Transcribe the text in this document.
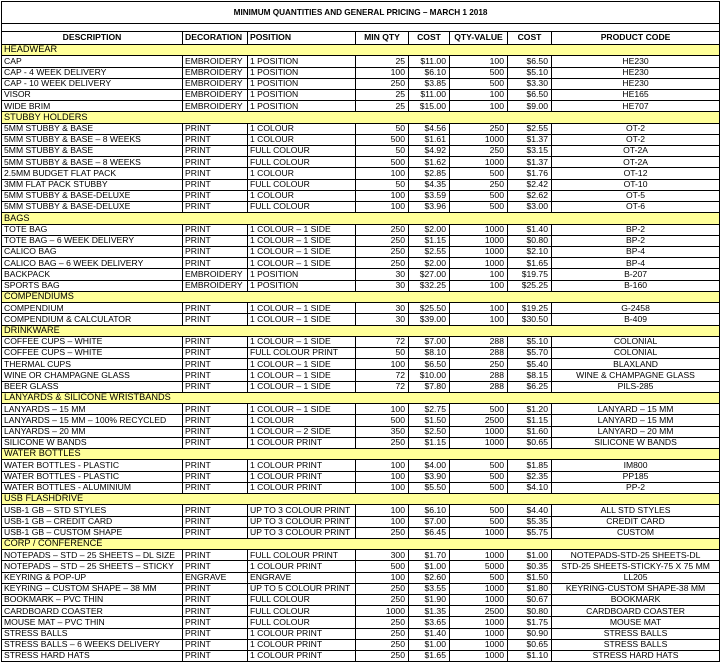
MINIMUM QUANTITIES AND GENERAL PRICING – MARCH 1 2018							

DESCRIPTION	DECORATION	POSITION	MIN QTY	COST	QTY-VALUE	COST	PRODUCT CODE
HEADWEAR							
CAP	EMBROIDERY	1 POSITION	25	$11.00	100	$6.50	HE230
CAP - 4 WEEK DELIVERY	EMBROIDERY	1 POSITION	100	$6.10	500	$5.10	HE230
CAP - 10 WEEK DELIVERY	EMBROIDERY	1 POSITION	250	$3.85	500	$3.30	HE230
VISOR	EMBROIDERY	1 POSITION	25	$11.00	100	$6.50	HE165
WIDE BRIM	EMBROIDERY	1 POSITION	25	$15.00	100	$9.00	HE707
STUBBY HOLDERS							
5MM STUBBY & BASE	PRINT	1 COLOUR	50	$4.56	250	$2.55	OT-2
5MM STUBBY & BASE – 8 WEEKS	PRINT	1 COLOUR	500	$1.61	1000	$1.37	OT-2
5MM STUBBY & BASE	PRINT	FULL COLOUR	50	$4.92	250	$3.15	OT-2A
5MM STUBBY & BASE – 8 WEEKS	PRINT	FULL COLOUR	500	$1.62	1000	$1.37	OT-2A
2.5MM BUDGET FLAT PACK	PRINT	1 COLOUR	100	$2.85	500	$1.76	OT-12
3MM FLAT PACK STUBBY	PRINT	FULL COLOUR	50	$4.35	250	$2.42	OT-10
5MM STUBBY & BASE-DELUXE	PRINT	1 COLOUR	100	$3.59	500	$2.62	OT-5
5MM STUBBY & BASE-DELUXE	PRINT	FULL COLOUR	100	$3.96	500	$3.00	OT-6
BAGS							
TOTE BAG	PRINT	1 COLOUR – 1 SIDE	250	$2.00	1000	$1.40	BP-2
TOTE BAG – 6 WEEK DELIVERY	PRINT	1 COLOUR – 1 SIDE	250	$1.15	1000	$0.80	BP-2
CALICO BAG	PRINT	1 COLOUR – 1 SIDE	250	$2.55	1000	$2.10	BP-4
CALICO BAG – 6 WEEK DELIVERY	PRINT	1 COLOUR – 1 SIDE	250	$2.00	1000	$1.65	BP-4
BACKPACK	EMBROIDERY	1 POSITION	30	$27.00	100	$19.75	B-207
SPORTS BAG	EMBROIDERY	1 POSITION	30	$32.25	100	$25.25	B-160
COMPENDIUMS							
COMPENDIUM	PRINT	1 COLOUR – 1 SIDE	30	$25.50	100	$19.25	G-2458
COMPENDIUM & CALCULATOR	PRINT	1 COLOUR – 1 SIDE	30	$39.00	100	$30.50	B-409
DRINKWARE							
COFFEE CUPS – WHITE	PRINT	1 COLOUR – 1 SIDE	72	$7.00	288	$5.10	COLONIAL
COFFEE CUPS – WHITE	PRINT	FULL COLOUR PRINT	50	$8.10	288	$5.70	COLONIAL
THERMAL CUPS	PRINT	1 COLOUR – 1 SIDE	100	$6.50	250	$5.40	BLAXLAND
WINE OR CHAMPAGNE GLASS	PRINT	1 COLOUR – 1 SIDE	72	$10.00	288	$8.15	WINE & CHAMPAGNE GLASS
BEER GLASS	PRINT	1 COLOUR – 1 SIDE	72	$7.80	288	$6.25	PILS-285
LANYARDS & SILICONE WRISTBANDS							
LANYARDS – 15 MM	PRINT	1 COLOUR – 1 SIDE	100	$2.75	500	$1.20	LANYARD – 15 MM
LANYARDS – 15 MM – 100% RECYCLED	PRINT	1 COLOUR	500	$1.50	2500	$1.15	LANYARD – 15 MM
LANYARDS – 20 MM	PRINT	1 COLOUR – 2 SIDE	350	$2.50	1000	$1.60	LANYARD – 20 MM
SILICONE W BANDS	PRINT	1 COLOUR PRINT	250	$1.15	1000	$0.65	SILICONE W BANDS
WATER BOTTLES							
WATER BOTTLES - PLASTIC	PRINT	1 COLOUR PRINT	100	$4.00	500	$1.85	IM800
WATER BOTTLES - PLASTIC	PRINT	1 COLOUR PRINT	100	$3.90	500	$2.35	PP185
WATER BOTTLES - ALUMINIUM	PRINT	1 COLOUR PRINT	100	$5.50	500	$4.10	PP-2
USB FLASHDRIVE							
USB-1 GB – STD STYLES	PRINT	UP TO 3 COLOUR PRINT	100	$6.10	500	$4.40	ALL STD STYLES
USB-1 GB – CREDIT CARD	PRINT	UP TO 3 COLOUR PRINT	100	$7.00	500	$5.35	CREDIT CARD
USB-1 GB – CUSTOM SHAPE	PRINT	UP TO 3 COLOUR PRINT	250	$6.45	1000	$5.75	CUSTOM
CORP / CONFERENCE							
NOTEPADS – STD – 25 SHEETS – DL SIZE	PRINT	FULL COLOUR PRINT	300	$1.70	1000	$1.00	NOTEPADS-STD-25 SHEETS-DL
NOTEPADS – STD – 25 SHEETS – STICKY	PRINT	1 COLOUR PRINT	500	$1.00	5000	$0.35	STD-25 SHEETS-STICKY-75 X 75 MM
KEYRING & POP-UP	ENGRAVE	ENGRAVE	100	$2.60	500	$1.50	LL205
KEYRING – CUSTOM SHAPE – 38 MM	PRINT	UP TO 5 COLOUR PRINT	250	$3.55	1000	$1.80	KEYRING-CUSTOM SHAPE-38 MM
BOOKMARK – PVC THIN	PRINT	FULL COLOUR	250	$1.90	1000	$0.67	BOOKMARK
CARDBOARD COASTER	PRINT	FULL COLOUR	1000	$1.35	2500	$0.80	CARDBOARD COASTER
MOUSE MAT – PVC THIN	PRINT	FULL COLOUR	250	$3.65	1000	$1.75	MOUSE MAT
STRESS BALLS	PRINT	1 COLOUR PRINT	250	$1.40	1000	$0.90	STRESS BALLS
STRESS BALLS – 6 WEEKS DELIVERY	PRINT	1 COLOUR PRINT	250	$1.00	1000	$0.65	STRESS BALLS
STRESS HARD HATS	PRINT	1 COLOUR PRINT	250	$1.65	1000	$1.10	STRESS HARD HATS
